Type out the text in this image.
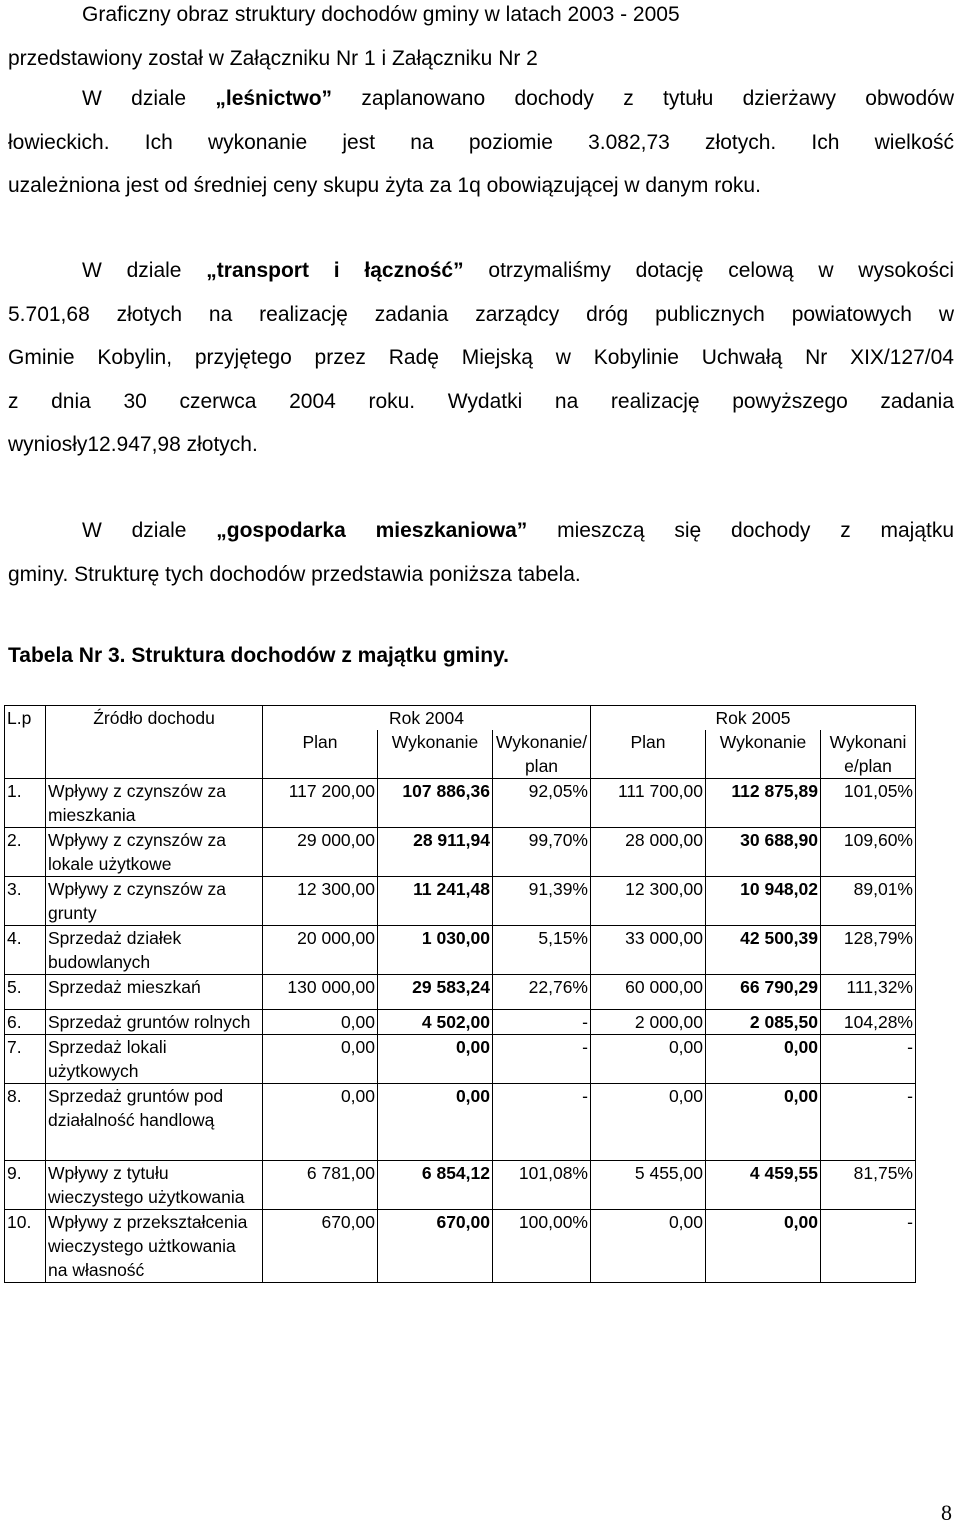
Graficzny obraz struktury dochodów gminy w latach 2003 - 2005
przedstawiony został w Załączniku Nr 1 i Załączniku Nr 2
W dziale „leśnictwo” zaplanowano dochody z tytułu dzierżawy obwodów
łowieckich. Ich wykonanie jest na poziomie 3.082,73 złotych. Ich wielkość
uzależniona jest od średniej ceny skupu żyta za 1q obowiązującej w danym roku.
W dziale „transport i łączność” otrzymaliśmy dotację celową w wysokości
5.701,68 złotych na realizację zadania zarządcy dróg publicznych powiatowych w
Gminie Kobylin, przyjętego przez Radę Miejską w Kobylinie Uchwałą Nr XIX/127/04
z dnia 30 czerwca 2004 roku. Wydatki na realizację powyższego zadania
wyniosły12.947,98 złotych.
W dziale „gospodarka mieszkaniowa” mieszczą się dochody z majątku
gminy. Strukturę tych dochodów przedstawia poniższa tabela.
Tabela Nr 3. Struktura dochodów z majątku gminy.
L.p	Źródło dochodu	Rok 2004			Rok 2005		
		Plan	Wykonanie	Wykonanie/plan	Plan	Wykonanie	Wykonanie/plan
1.	Wpływy z czynszów za mieszkania	117 200,00	107 886,36	92,05%	111 700,00	112 875,89	101,05%
2.	Wpływy z czynszów za lokale użytkowe	29 000,00	28 911,94	99,70%	28 000,00	30 688,90	109,60%
3.	Wpływy z czynszów za grunty	12 300,00	11 241,48	91,39%	12 300,00	10 948,02	89,01%
4.	Sprzedaż działek budowlanych	20 000,00	1 030,00	5,15%	33 000,00	42 500,39	128,79%
5.	Sprzedaż mieszkań	130 000,00	29 583,24	22,76%	60 000,00	66 790,29	111,32%
6.	Sprzedaż gruntów rolnych	0,00	4 502,00	-	2 000,00	2 085,50	104,28%
7.	Sprzedaż lokali użytkowych	0,00	0,00	-	0,00	0,00	-
8.	Sprzedaż gruntów pod działalność handlową	0,00	0,00	-	0,00	0,00	-
9.	Wpływy z tytułu wieczystego użytkowania	6 781,00	6 854,12	101,08%	5 455,00	4 459,55	81,75%
10.	Wpływy z przekształcenia wieczystego użtkowania na własność	670,00	670,00	100,00%	0,00	0,00	-
8
